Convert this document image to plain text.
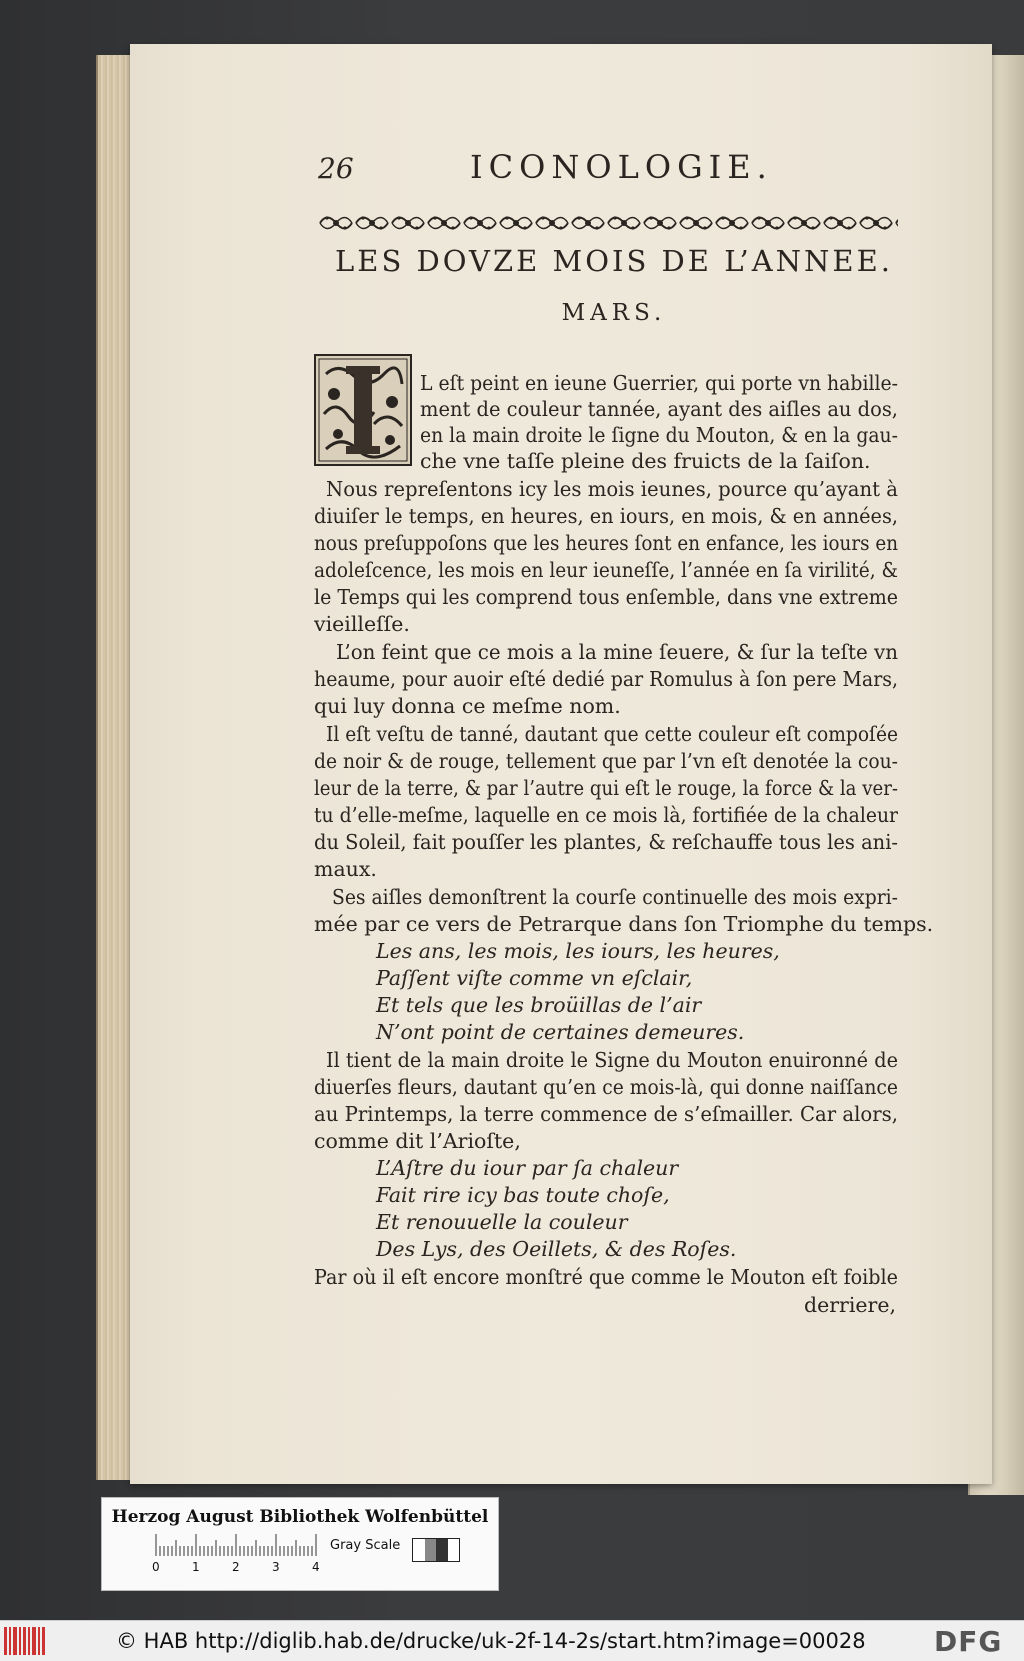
26	ICONOLOGIE.
LES DOVZE MOIS DE L’ANNEE.
MARS.
L eſt peint en ieune Guerrier, qui porte vn habille-
ment de couleur tannée, ayant des aiſles au dos,
en la main droite le ſigne du Mouton, & en la gau-
che vne taſſe pleine des fruicts de la ſaiſon.
Nous repreſentons icy les mois ieunes, pource qu’ayant à
diuiſer le temps, en heures, en iours, en mois, & en années,
nous preſuppoſons que les heures ſont en enfance, les iours en
adoleſcence, les mois en leur ieuneſſe, l’année en ſa virilité, &
le Temps qui les comprend tous enſemble, dans vne extreme
vieilleſſe.
L’on feint que ce mois a la mine ſeuere, & ſur la teſte vn
heaume, pour auoir eſté dedié par Romulus à ſon pere Mars,
qui luy donna ce meſme nom.
Il eſt veſtu de tanné, dautant que cette couleur eſt compoſée
de noir & de rouge, tellement que par l’vn eſt denotée la cou-
leur de la terre, & par l’autre qui eſt le rouge, la force & la ver-
tu d’elle-meſme, laquelle en ce mois là, fortifiée de la chaleur
du Soleil, fait pouſſer les plantes, & reſchauffe tous les ani-
maux.
Ses aiſles demonſtrent la courſe continuelle des mois expri-
mée par ce vers de Petrarque dans ſon Triomphe du temps.
Les ans, les mois, les iours, les heures,
Paſſent viſte comme vn eſclair,
Et tels que les broüillas de l’air
N’ont point de certaines demeures.
Il tient de la main droite le Signe du Mouton enuironné de
diuerſes fleurs, dautant qu’en ce mois-là, qui donne naiſſance
au Printemps, la terre commence de s’eſmailler. Car alors,
comme dit l’Arioſte,
L’Aſtre du iour par ſa chaleur
Fait rire icy bas toute choſe,
Et renouuelle la couleur
Des Lys, des Oeillets, & des Roſes.
Par où il eſt encore monſtré que comme le Mouton eſt foible
derriere,
Herzog August Bibliothek Wolfenbüttel
0	1	2	3	4
Gray Scale
© HAB http://diglib.hab.de/drucke/uk-2f-14-2s/start.htm?image=00028 DFG
